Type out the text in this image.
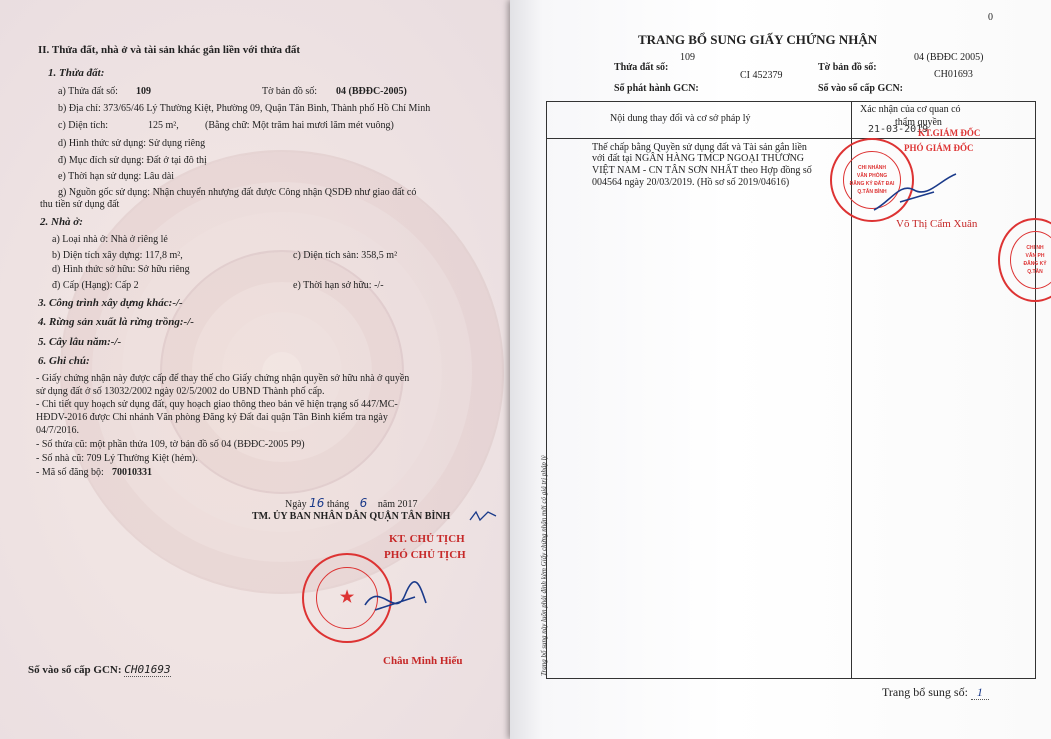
II. Thửa đất, nhà ở và tài sản khác gắn liền với thửa đất
1. Thửa đất:
a) Thửa đất số: 109	Tờ bản đồ số: 04 (BĐĐC-2005)
b) Địa chỉ: 373/65/46 Lý Thường Kiệt, Phường 09, Quận Tân Bình, Thành phố Hồ Chí Minh
c) Diện tích:	125 m²,	(Bằng chữ: Một trăm hai mươi lăm mét vuông)
d) Hình thức sử dụng: Sử dụng riêng
đ) Mục đích sử dụng: Đất ở tại đô thị
e) Thời hạn sử dụng: Lâu dài
g) Nguồn gốc sử dụng: Nhận chuyển nhượng đất được Công nhận QSDĐ như giao đất có
thu tiền sử dụng đất
2. Nhà ở:
a) Loại nhà ở: Nhà ở riêng lẻ
b) Diện tích xây dựng: 117,8 m²,	c) Diện tích sàn: 358,5 m²
d) Hình thức sở hữu: Sở hữu riêng
đ) Cấp (Hạng): Cấp 2	e) Thời hạn sở hữu: -/-
3. Công trình xây dựng khác:-/-
4. Rừng sản xuất là rừng trồng:-/-
5. Cây lâu năm:-/-
6. Ghi chú:
- Giấy chứng nhận này được cấp để thay thế cho Giấy chứng nhận quyền sở hữu nhà ở quyền
sử dụng đất ở số 13032/2002 ngày 02/5/2002 do UBND Thành phố cấp.
- Chi tiết quy hoạch sử dụng đất, quy hoạch giao thông theo bản vẽ hiện trạng số 447/MC-
HĐDV-2016 được Chi nhánh Văn phòng Đăng ký Đất đai quận Tân Bình kiểm tra ngày
04/7/2016.
- Số thửa cũ: một phần thửa 109, tờ bản đồ số 04 (BĐĐC-2005 P9)
- Số nhà cũ: 709 Lý Thường Kiệt (hẻm).
- Mã số đăng bộ: 70010331
Ngày 16 tháng 6 năm 2017
TM. ỦY BAN NHÂN DÂN QUẬN TÂN BÌNH
KT. CHỦ TỊCH
PHÓ CHỦ TỊCH
★
Châu Minh Hiếu
Số vào sổ cấp GCN: CH01693
0
TRANG BỔ SUNG GIẤY CHỨNG NHẬN
Thửa đất số:
109
Tờ bản đồ số:
04 (BĐĐC 2005)
Số phát hành GCN:
CI 452379
Số vào sổ cấp GCN:
CH01693
Nội dung thay đổi và cơ sở pháp lý
Xác nhận của cơ quan có
thẩm quyền
Thế chấp bằng Quyền sử dụng đất và Tài sản gắn liền
với đất tại NGÂN HÀNG TMCP NGOẠI THƯƠNG
VIỆT NAM - CN TÂN SƠN NHẤT theo Hợp đồng số
004564 ngày 20/03/2019. (Hồ sơ số 2019/04616)
21-03-2019
KT.GIÁM ĐỐC
PHÓ GIÁM ĐỐC
CHI NHÁNH
VĂN PHÒNG
ĐĂNG KÝ ĐẤT ĐAI
Q.TÂN BÌNH
Võ Thị Cẩm Xuân
CHI NH
VĂN PH
ĐĂNG KÝ
Q.TÂN
Trang bổ sung này luôn phải đính kèm Giấy chứng nhận mới có giá trị pháp lý
Trang bổ sung số: 1
